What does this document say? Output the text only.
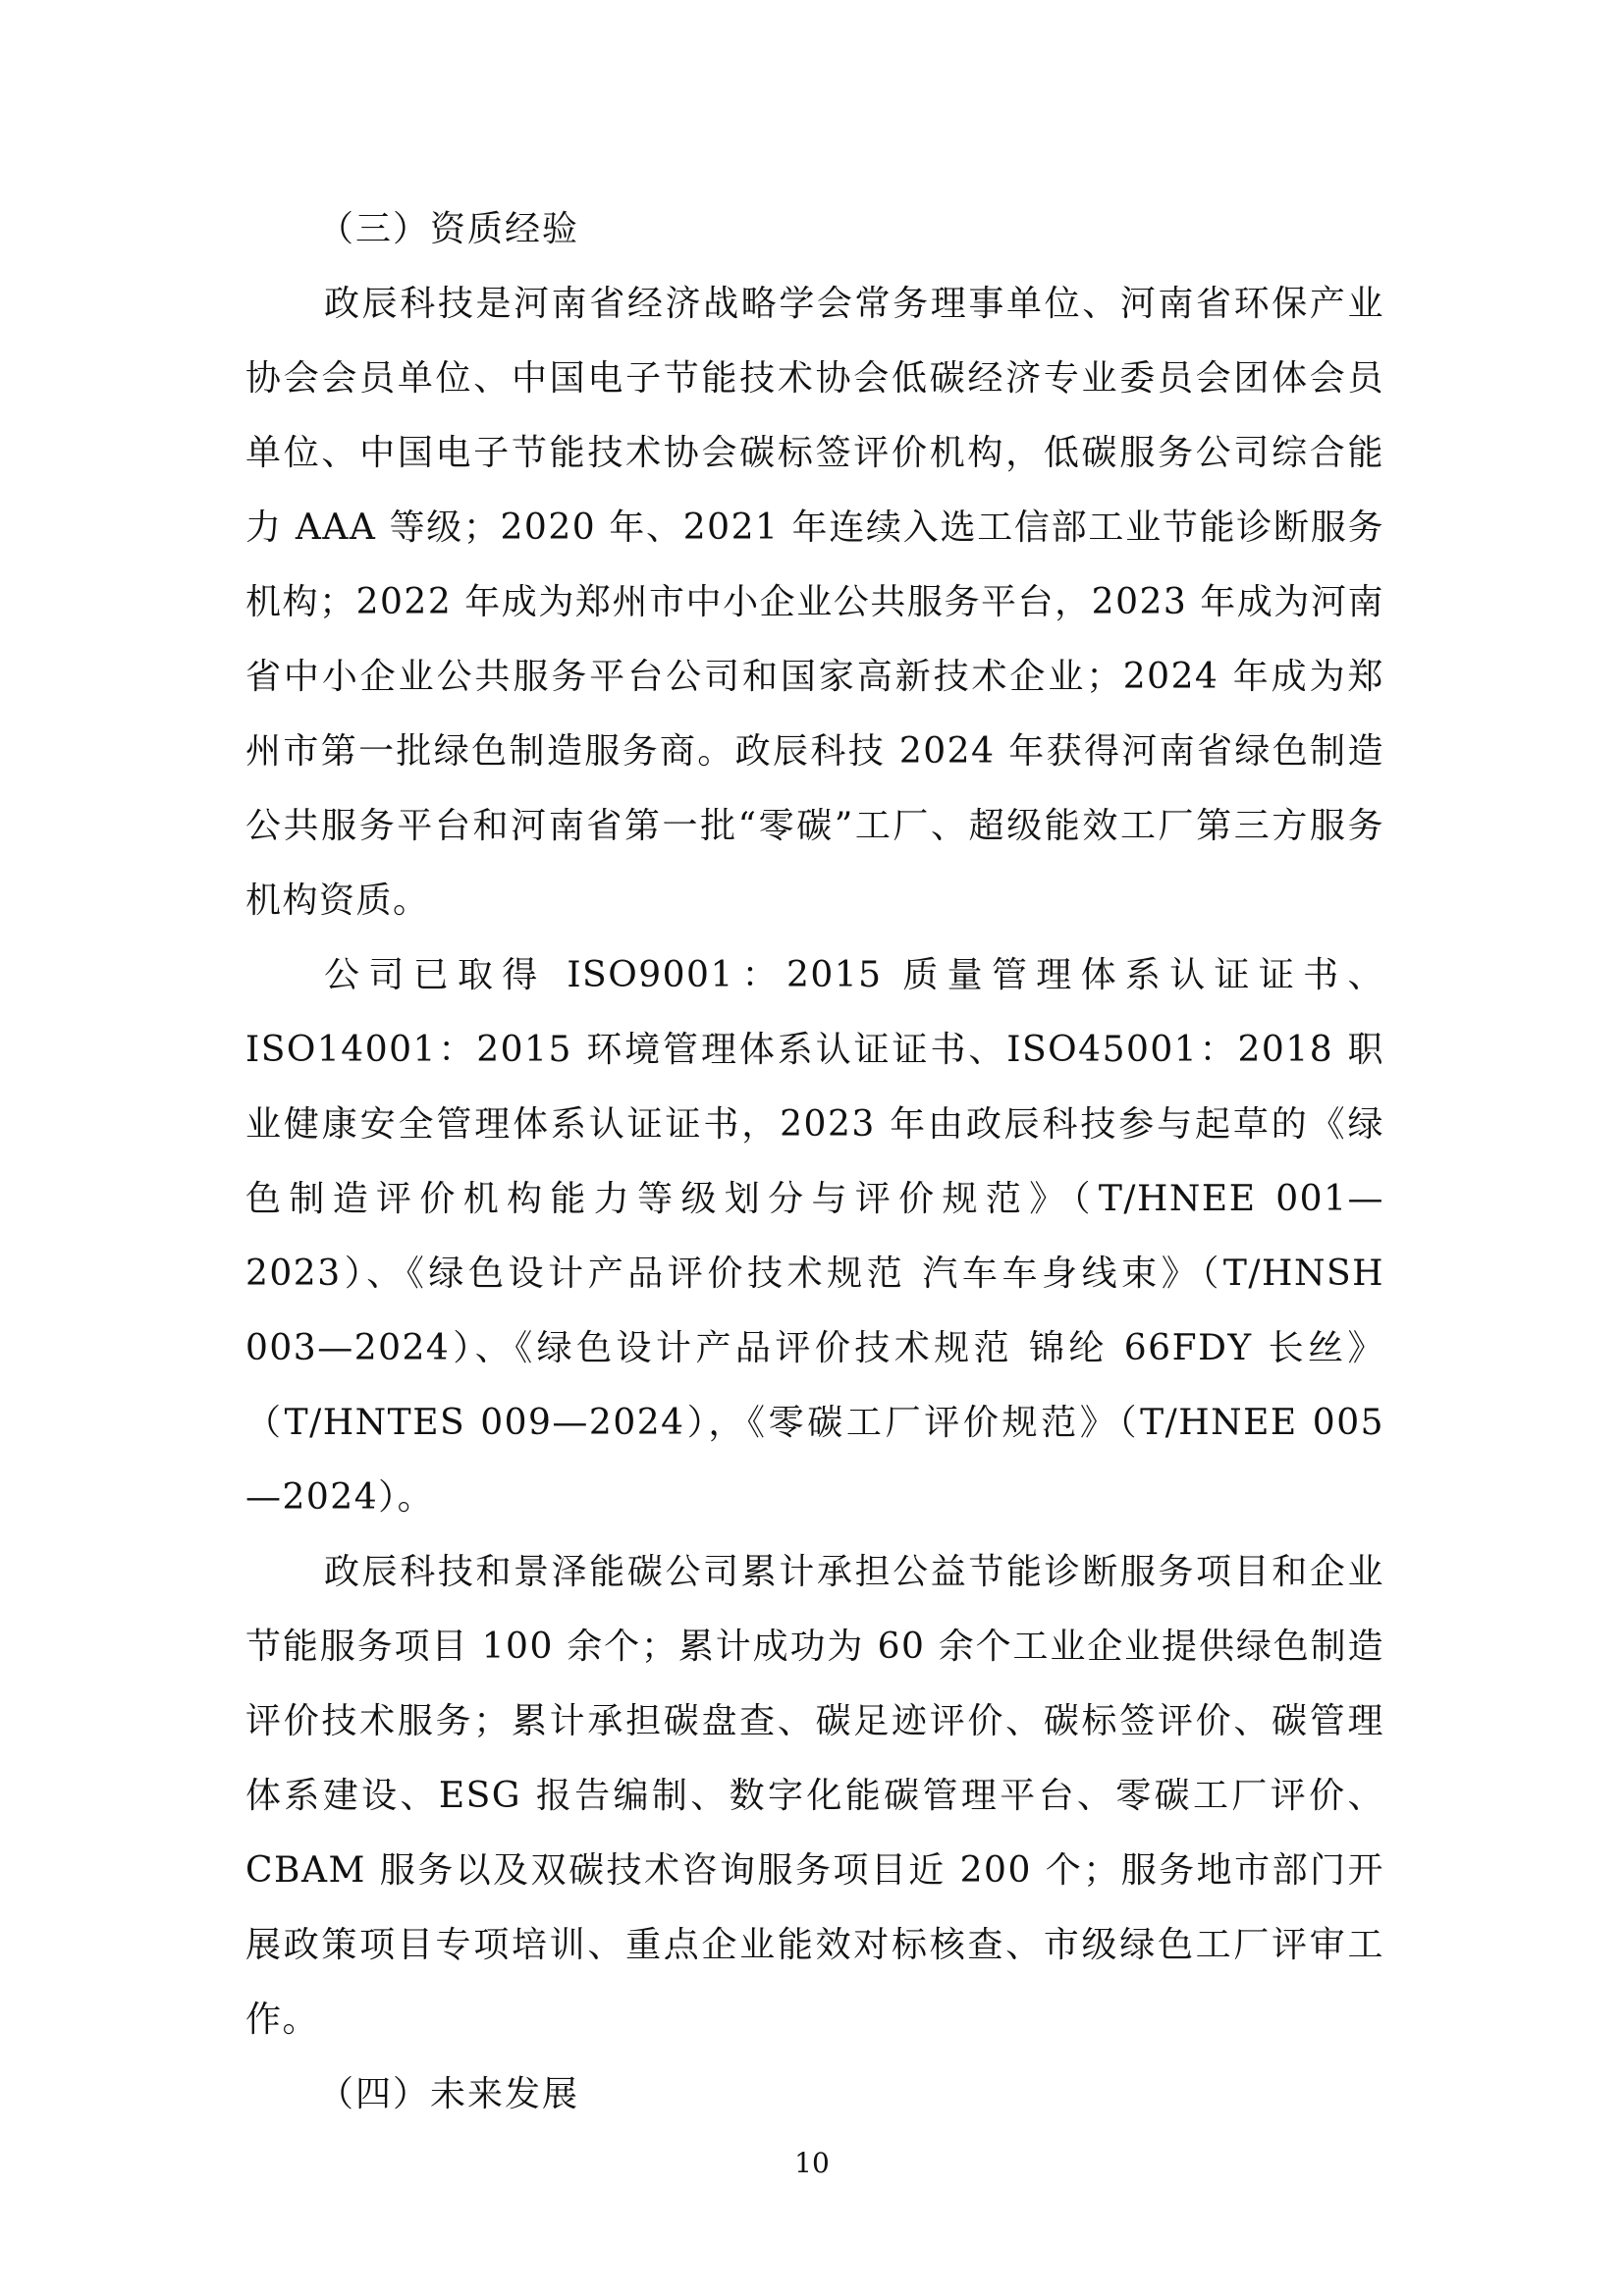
（三）资质经验

政辰科技是河南省经济战略学会常务理事单位、河南省环保产业协会会员单位、中国电子节能技术协会低碳经济专业委员会团体会员单位、中国电子节能技术协会碳标签评价机构，低碳服务公司综合能力 AAA 等级；2020 年、2021 年连续入选工信部工业节能诊断服务机构；2022 年成为郑州市中小企业公共服务平台，2023 年成为河南省中小企业公共服务平台公司和国家高新技术企业；2024 年成为郑州市第一批绿色制造服务商。政辰科技 2024 年获得河南省绿色制造公共服务平台和河南省第一批“零碳”工厂、超级能效工厂第三方服务机构资质。

公司已取得 ISO9001：2015 质量管理体系认证证书、ISO14001：2015 环境管理体系认证证书、ISO45001：2018 职业健康安全管理体系认证证书，2023 年由政辰科技参与起草的《绿色制造评价机构能力等级划分与评价规范》（T/HNEE 001—2023）、《绿色设计产品评价技术规范 汽车车身线束》（T/HNSH 003—2024）、《绿色设计产品评价技术规范 锦纶 66FDY 长丝》（T/HNTES 009—2024），《零碳工厂评价规范》（T/HNEE 005—2024）。

政辰科技和景泽能碳公司累计承担公益节能诊断服务项目和企业节能服务项目 100 余个；累计成功为 60 余个工业企业提供绿色制造评价技术服务；累计承担碳盘查、碳足迹评价、碳标签评价、碳管理体系建设、ESG 报告编制、数字化能碳管理平台、零碳工厂评价、CBAM 服务以及双碳技术咨询服务项目近 200 个；服务地市部门开展政策项目专项培训、重点企业能效对标核查、市级绿色工厂评审工作。

（四）未来发展
10
